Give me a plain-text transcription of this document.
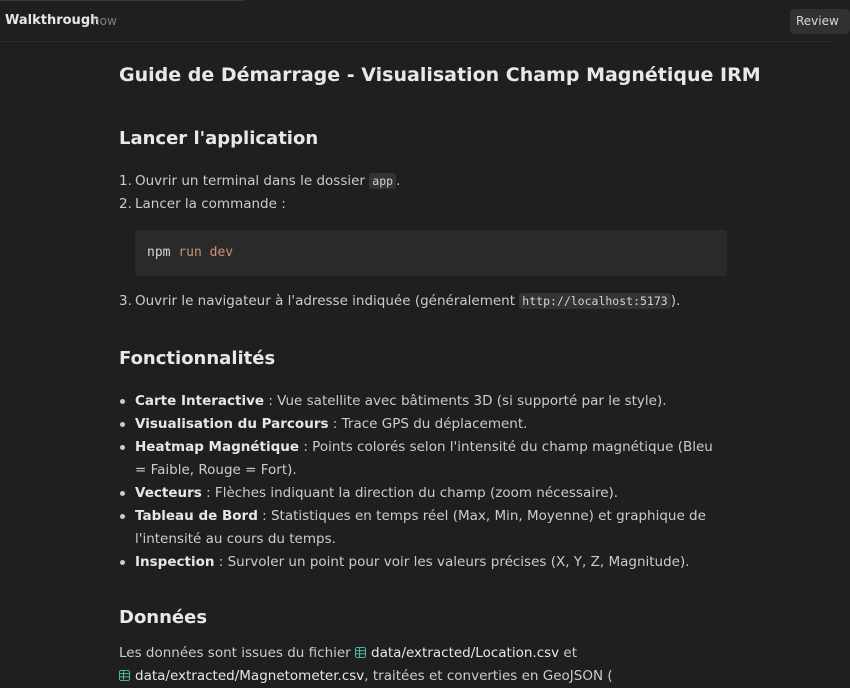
Walkthrough
now	Review
Guide de Démarrage - Visualisation Champ Magnétique IRM
Lancer l'application
1. Ouvrir un terminal dans le dossier app .
2. Lancer la commande :
npm run dev
3. Ouvrir le navigateur à l'adresse indiquée (généralement http://localhost:5173 ).
Fonctionnalités
Carte Interactive : Vue satellite avec bâtiments 3D (si supporté par le style).
Visualisation du Parcours : Trace GPS du déplacement.
Heatmap Magnétique : Points colorés selon l'intensité du champ magnétique (Bleu = Faible, Rouge = Fort).
Vecteurs : Flèches indiquant la direction du champ (zoom nécessaire).
Tableau de Bord : Statistiques en temps réel (Max, Min, Moyenne) et graphique de l'intensité au cours du temps.
Inspection : Survoler un point pour voir les valeurs précises (X, Y, Z, Magnitude).
Données
Les données sont issues du fichier data/extracted/Location.csv et
data/extracted/Magnetometer.csv, traitées et converties en GeoJSON (
